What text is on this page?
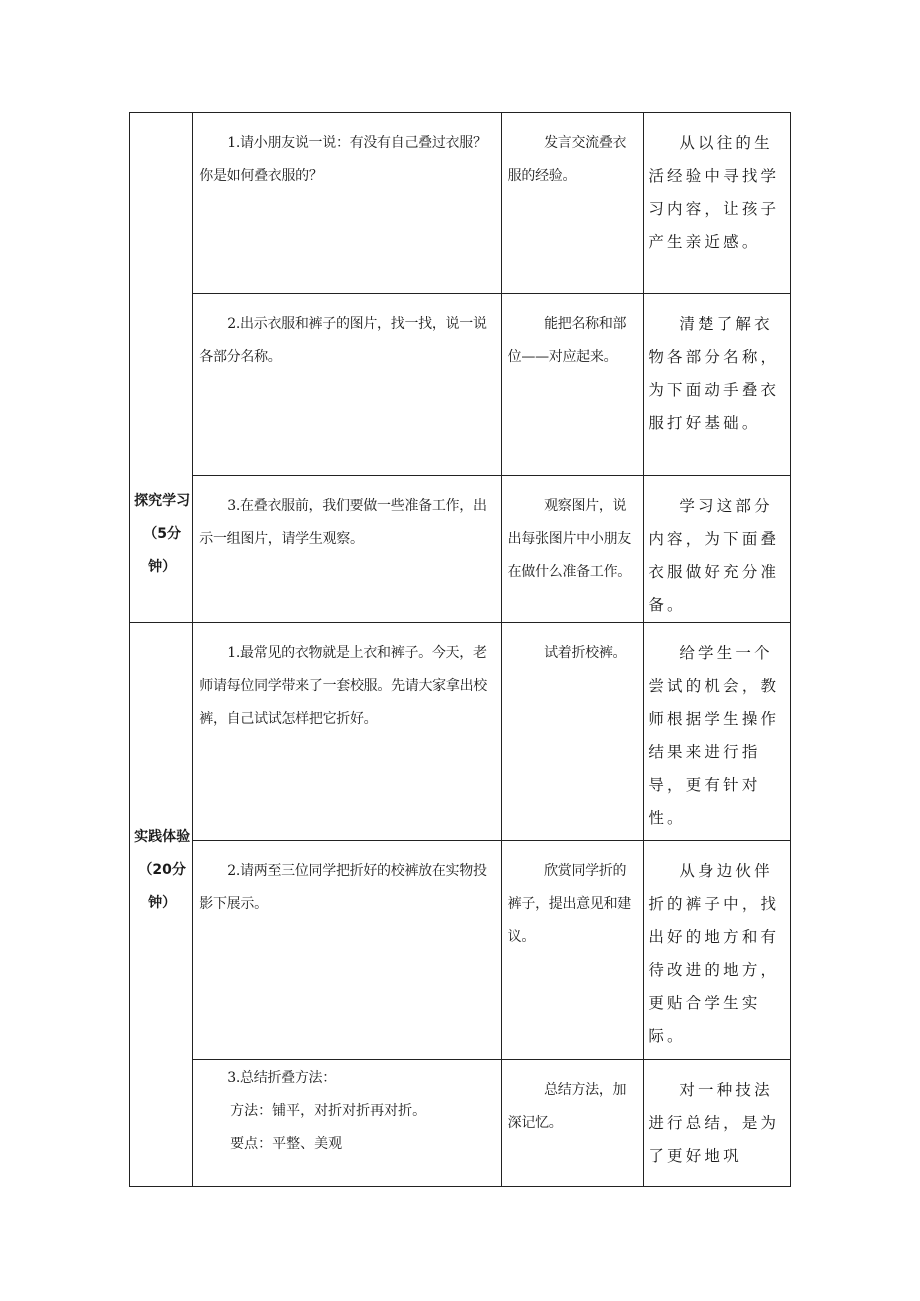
探究学习（5分钟）	1.请小朋友说一说：有没有自己叠过衣服？你是如何叠衣服的？	发言交流叠衣服的经验。	从以往的生活经验中寻找学习内容，让孩子产生亲近感。

	2.出示衣服和裤子的图片，找一找，说一说各部分名称。	能把名称和部位——对应起来。	清楚了解衣物各部分名称，为下面动手叠衣服打好基础。

	3.在叠衣服前，我们要做一些准备工作，出示一组图片，请学生观察。	观察图片，说出每张图片中小朋友在做什么准备工作。	学习这部分内容，为下面叠衣服做好充分准备。

实践体验（20分钟）	1.最常见的衣物就是上衣和裤子。今天，老师请每位同学带来了一套校服。先请大家拿出校裤，自己试试怎样把它折好。	试着折校裤。	给学生一个尝试的机会，教师根据学生操作结果来进行指导，更有针对性。

	2.请两至三位同学把折好的校裤放在实物投影下展示。	欣赏同学折的裤子，提出意见和建议。	从身边伙伴折的裤子中，找出好的地方和有待改进的地方，更贴合学生实际。

	3.总结折叠方法：
方法：铺平，对折对折再对折。
要点：平整、美观	总结方法，加深记忆。	对一种技法进行总结，是为了更好地巩
